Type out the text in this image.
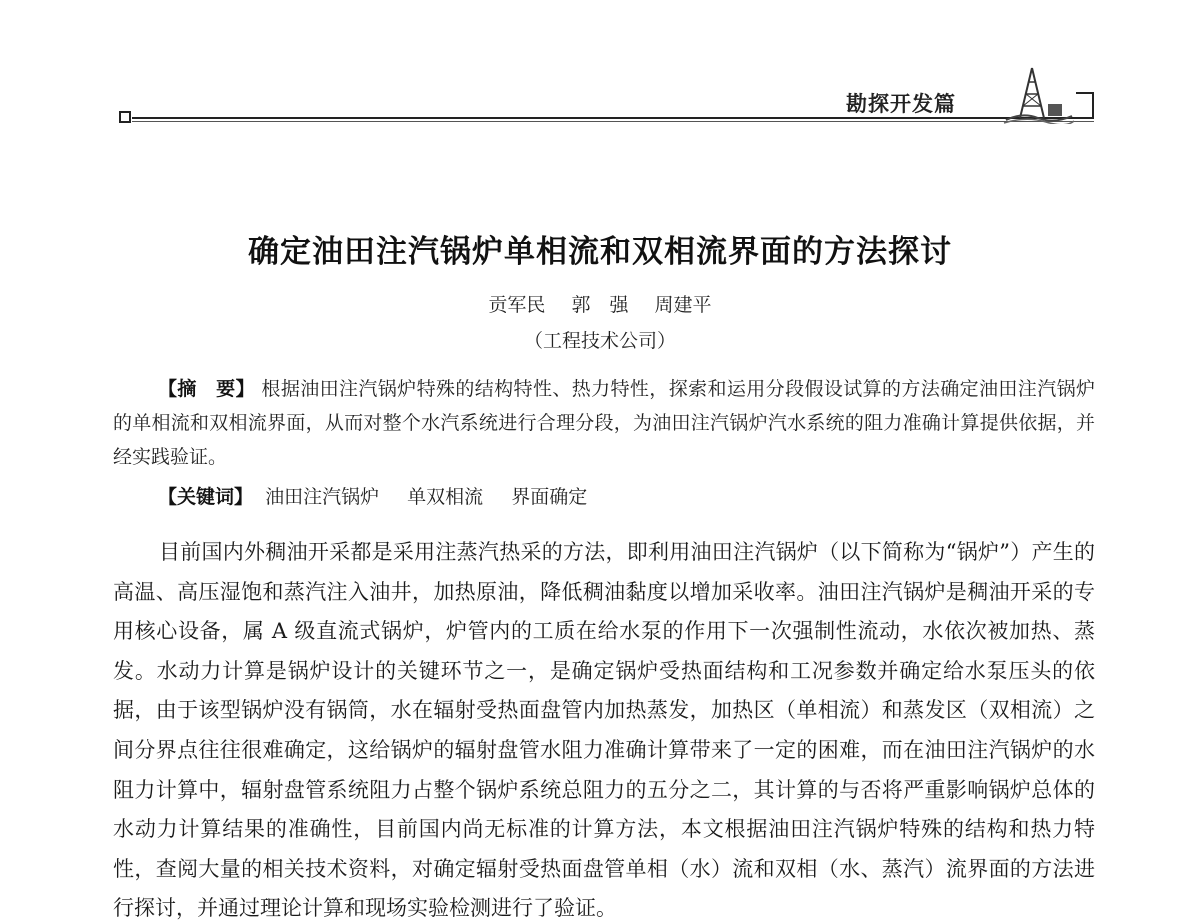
勘探开发篇
确定油田注汽锅炉单相流和双相流界面的方法探讨
贡军民 郭　强 周建平
（工程技术公司）
【摘　要】 根据油田注汽锅炉特殊的结构特性、热力特性，探索和运用分段假设试算的方法确定油田注汽锅炉的单相流和双相流界面，从而对整个水汽系统进行合理分段，为油田注汽锅炉汽水系统的阻力准确计算提供依据，并经实践验证。
【关键词】 油田注汽锅炉 单双相流 界面确定
目前国内外稠油开采都是采用注蒸汽热采的方法，即利用油田注汽锅炉（以下简称为“锅炉”）产生的高温、高压湿饱和蒸汽注入油井，加热原油，降低稠油黏度以增加采收率。油田注汽锅炉是稠油开采的专用核心设备，属 A 级直流式锅炉，炉管内的工质在给水泵的作用下一次强制性流动，水依次被加热、蒸发。水动力计算是锅炉设计的关键环节之一，是确定锅炉受热面结构和工况参数并确定给水泵压头的依据，由于该型锅炉没有锅筒，水在辐射受热面盘管内加热蒸发，加热区（单相流）和蒸发区（双相流）之间分界点往往很难确定，这给锅炉的辐射盘管水阻力准确计算带来了一定的困难，而在油田注汽锅炉的水阻力计算中，辐射盘管系统阻力占整个锅炉系统总阻力的五分之二，其计算的与否将严重影响锅炉总体的水动力计算结果的准确性，目前国内尚无标准的计算方法，本文根据油田注汽锅炉特殊的结构和热力特性，查阅大量的相关技术资料，对确定辐射受热面盘管单相（水）流和双相（水、蒸汽）流界面的方法进行探讨，并通过理论计算和现场实验检测进行了验证。
